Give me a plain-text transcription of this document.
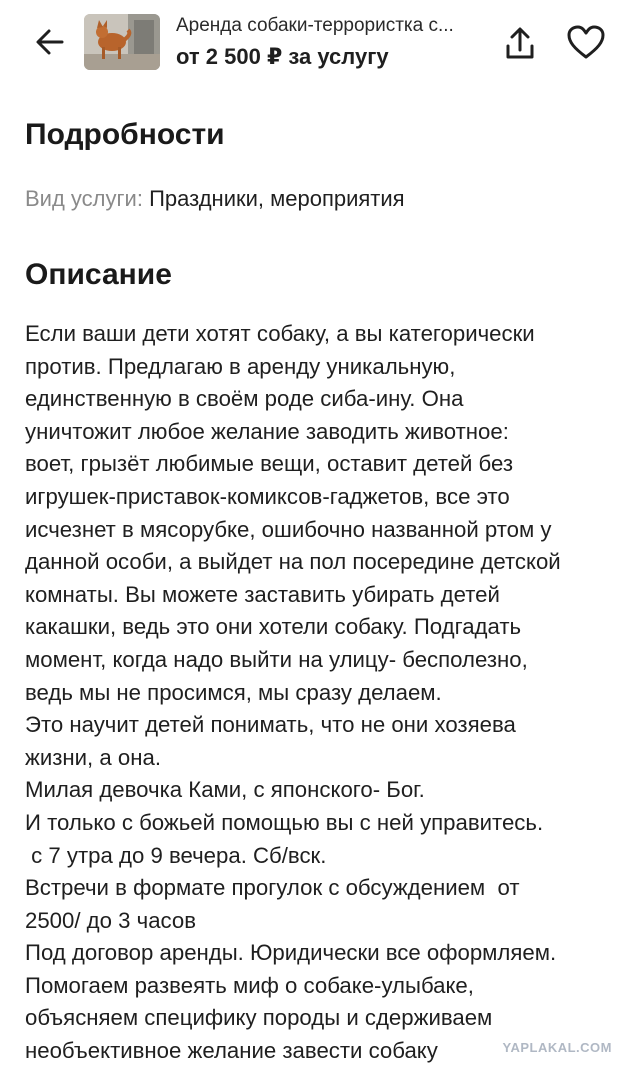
Аренда собаки-террористка с...
от 2 500 ₽ за услугу
Подробности
Вид услуги: Праздники, мероприятия
Описание
Если ваши дети хотят собаку, а вы категорически
против. Предлагаю в аренду уникальную,
единственную в своём роде сиба-ину. Она
уничтожит любое желание заводить животное:
воет, грызёт любимые вещи, оставит детей без
игрушек-приставок-комиксов-гаджетов, все это
исчезнет в мясорубке, ошибочно названной ртом у
данной особи, а выйдет на пол посередине детской
комнаты. Вы можете заставить убирать детей
какашки, ведь это они хотели собаку. Подгадать
момент, когда надо выйти на улицу- бесполезно,
ведь мы не просимся, мы сразу делаем.
Это научит детей понимать, что не они хозяева
жизни, а она.
Милая девочка Ками, с японского- Бог.
И только с божьей помощью вы с ней управитесь.
с 7 утра до 9 вечера. Сб/вск.
Встречи в формате прогулок с обсуждением  от
2500/ до 3 часов
Под договор аренды. Юридически все оформляем.
Помогаем развеять миф о собаке-улыбаке,
объясняем специфику породы и сдерживаем
необъективное желание завести собаку	YAPLAKAL.COM
